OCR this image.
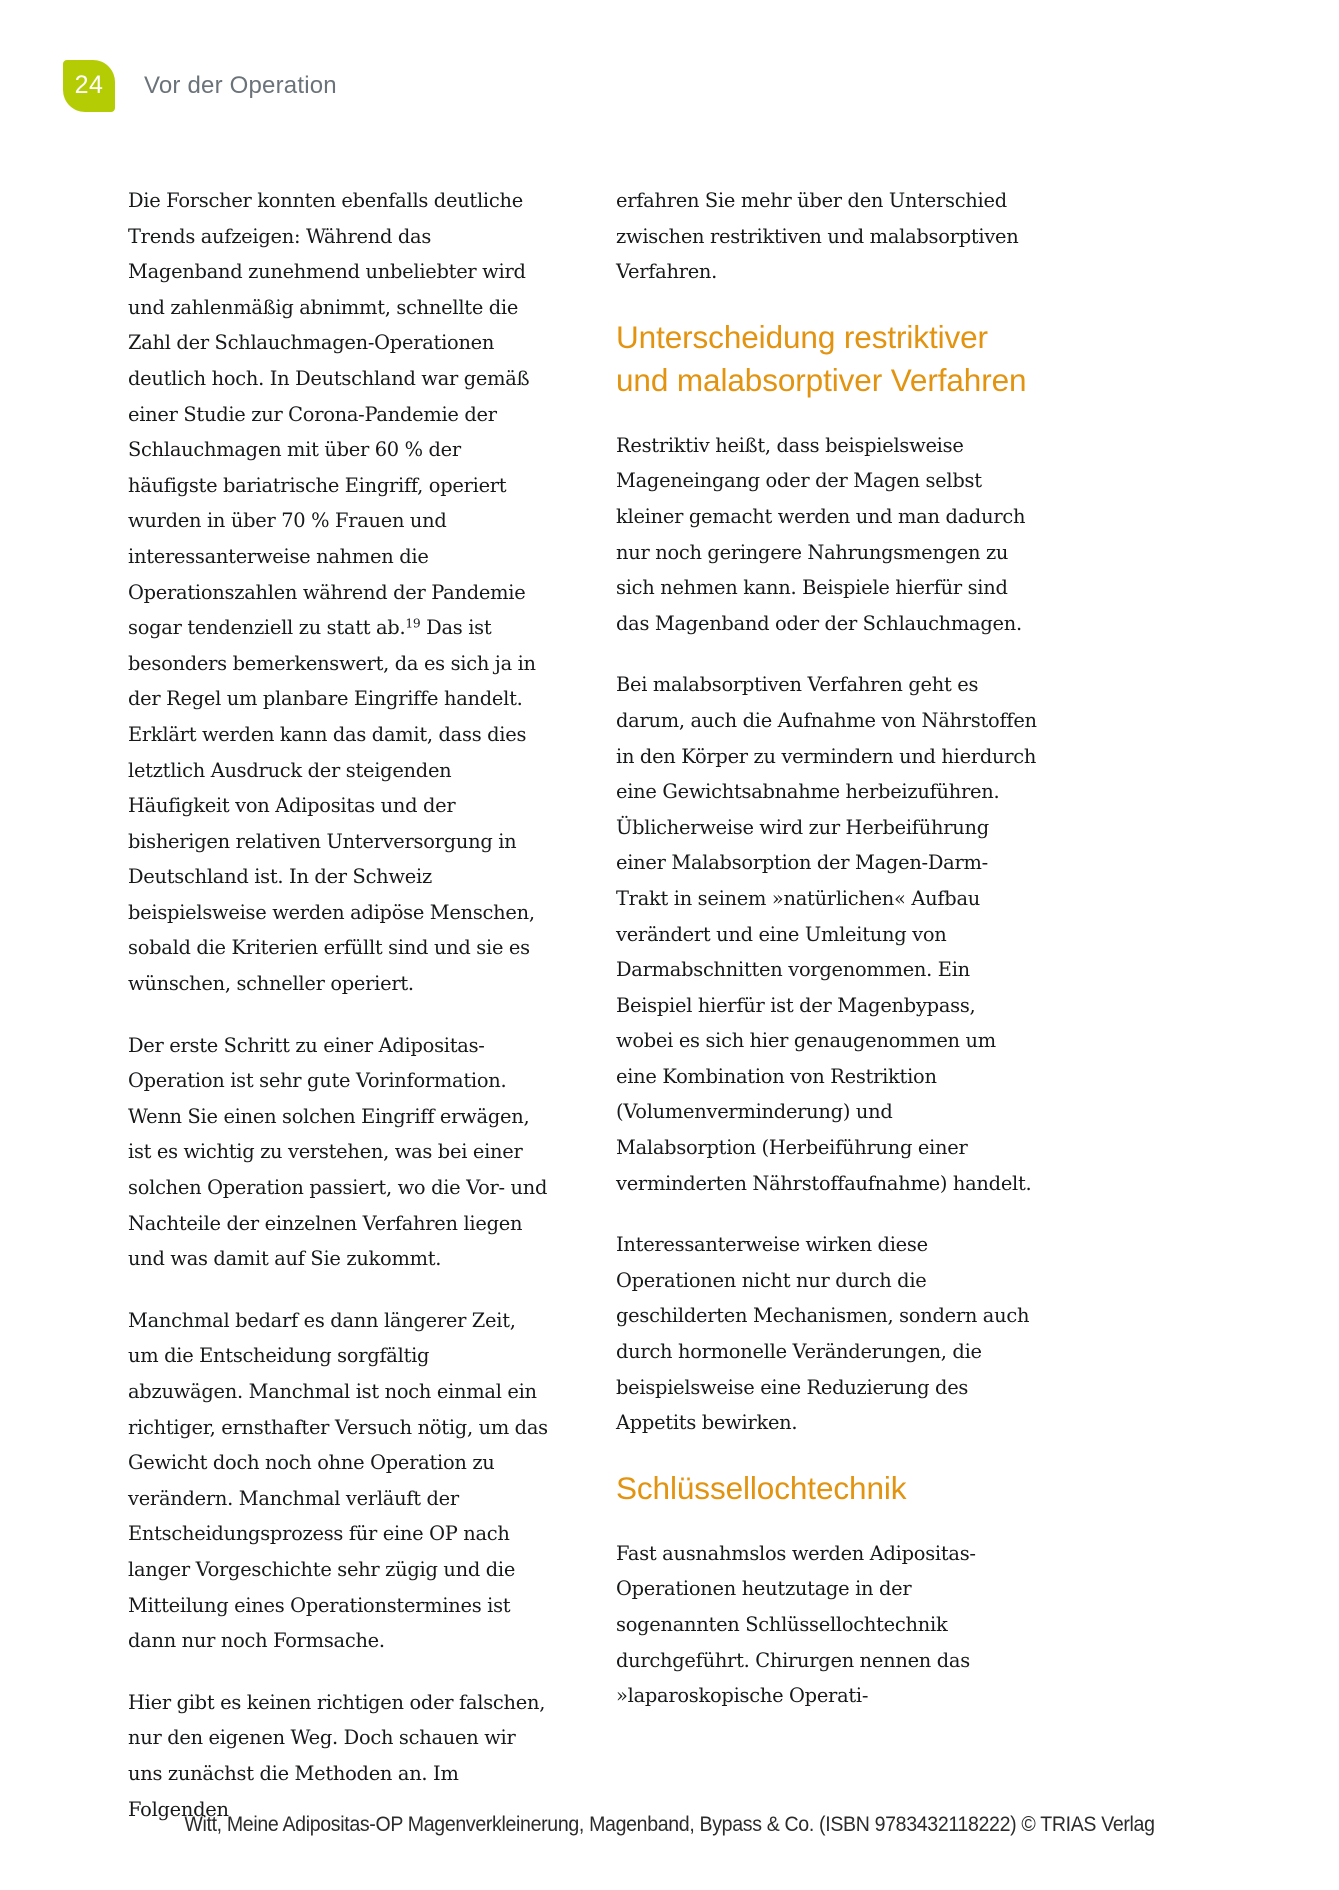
24	Vor der Operation

Die Forscher konnten ebenfalls deutliche Trends aufzeigen: Während das Magenband zunehmend unbeliebter wird und zahlenmäßig abnimmt, schnellte die Zahl der Schlauchmagen-Operationen deutlich hoch. In Deutschland war gemäß einer Studie zur Corona-Pandemie der Schlauchmagen mit über 60 % der häufigste bariatrische Eingriff, operiert wurden in über 70 % Frauen und interessanterweise nahmen die Operationszahlen während der Pandemie sogar tendenziell zu statt ab.$^{19}$ Das ist besonders bemerkenswert, da es sich ja in der Regel um planbare Eingriffe handelt. Erklärt werden kann das damit, dass dies letztlich Ausdruck der steigenden Häufigkeit von Adipositas und der bisherigen relativen Unterversorgung in Deutschland ist. In der Schweiz beispielsweise werden adipöse Menschen, sobald die Kriterien erfüllt sind und sie es wünschen, schneller operiert.

Der erste Schritt zu einer Adipositas-Operation ist sehr gute Vorinformation. Wenn Sie einen solchen Eingriff erwägen, ist es wichtig zu verstehen, was bei einer solchen Operation passiert, wo die Vor- und Nachteile der einzelnen Verfahren liegen und was damit auf Sie zukommt.

Manchmal bedarf es dann längerer Zeit, um die Entscheidung sorgfältig abzuwägen. Manchmal ist noch einmal ein richtiger, ernsthafter Versuch nötig, um das Gewicht doch noch ohne Operation zu verändern. Manchmal verläuft der Entscheidungsprozess für eine OP nach langer Vorgeschichte sehr zügig und die Mitteilung eines Operationstermines ist dann nur noch Formsache.

Hier gibt es keinen richtigen oder falschen, nur den eigenen Weg. Doch schauen wir uns zunächst die Methoden an. Im Folgenden

erfahren Sie mehr über den Unterschied zwischen restriktiven und malabsorptiven Verfahren.

Unterscheidung restriktiver und malabsorptiver Verfahren

Restriktiv heißt, dass beispielsweise Mageneingang oder der Magen selbst kleiner gemacht werden und man dadurch nur noch geringere Nahrungsmengen zu sich nehmen kann. Beispiele hierfür sind das Magenband oder der Schlauchmagen.

Bei malabsorptiven Verfahren geht es darum, auch die Aufnahme von Nährstoffen in den Körper zu vermindern und hierdurch eine Gewichtsabnahme herbeizuführen. Üblicherweise wird zur Herbeiführung einer Malabsorption der Magen-Darm-Trakt in seinem »natürlichen« Aufbau verändert und eine Umleitung von Darmabschnitten vorgenommen. Ein Beispiel hierfür ist der Magenbypass, wobei es sich hier genaugenommen um eine Kombination von Restriktion (Volumenverminderung) und Malabsorption (Herbeiführung einer verminderten Nährstoffaufnahme) handelt.

Interessanterweise wirken diese Operationen nicht nur durch die geschilderten Mechanismen, sondern auch durch hormonelle Veränderungen, die beispielsweise eine Reduzierung des Appetits bewirken.

Schlüssellochtechnik

Fast ausnahmslos werden Adipositas-Operationen heutzutage in der sogenannten Schlüssellochtechnik durchgeführt. Chirurgen nennen das »laparoskopische Operati-

Witt, Meine Adipositas-OP Magenverkleinerung, Magenband, Bypass & Co. (ISBN 9783432118222) © TRIAS Verlag
